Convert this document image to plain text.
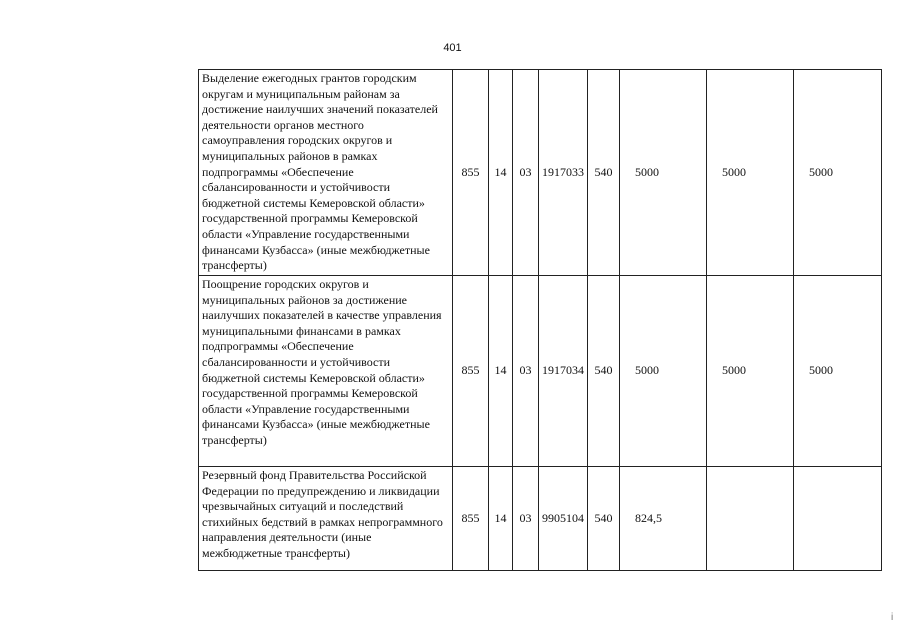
401
Выделение ежегодных грантов городским округам и муниципальным районам за достижение наилучших значений показателей деятельности органов местного самоуправления городских округов и муниципальных районов в рамках подпрограммы «Обеспечение сбалансированности и устойчивости бюджетной системы Кемеровской области» государственной программы Кемеровской области «Управление государственными финансами Кузбасса» (иные межбюджетные трансферты)	855	14	03	1917033	540	5000	5000	5000
Поощрение городских округов и муниципальных районов за достижение наилучших показателей в качестве управления муниципальными финансами в рамках подпрограммы «Обеспечение сбалансированности и устойчивости бюджетной системы Кемеровской области» государственной программы Кемеровской области «Управление государственными финансами Кузбасса» (иные межбюджетные трансферты)	855	14	03	1917034	540	5000	5000	5000
Резервный фонд Правительства Российской Федерации по предупреждению и ликвидации чрезвычайных ситуаций и последствий стихийных бедствий в рамках непрограммного направления деятельности (иные межбюджетные трансферты)	855	14	03	9905104	540	824,5		
i
